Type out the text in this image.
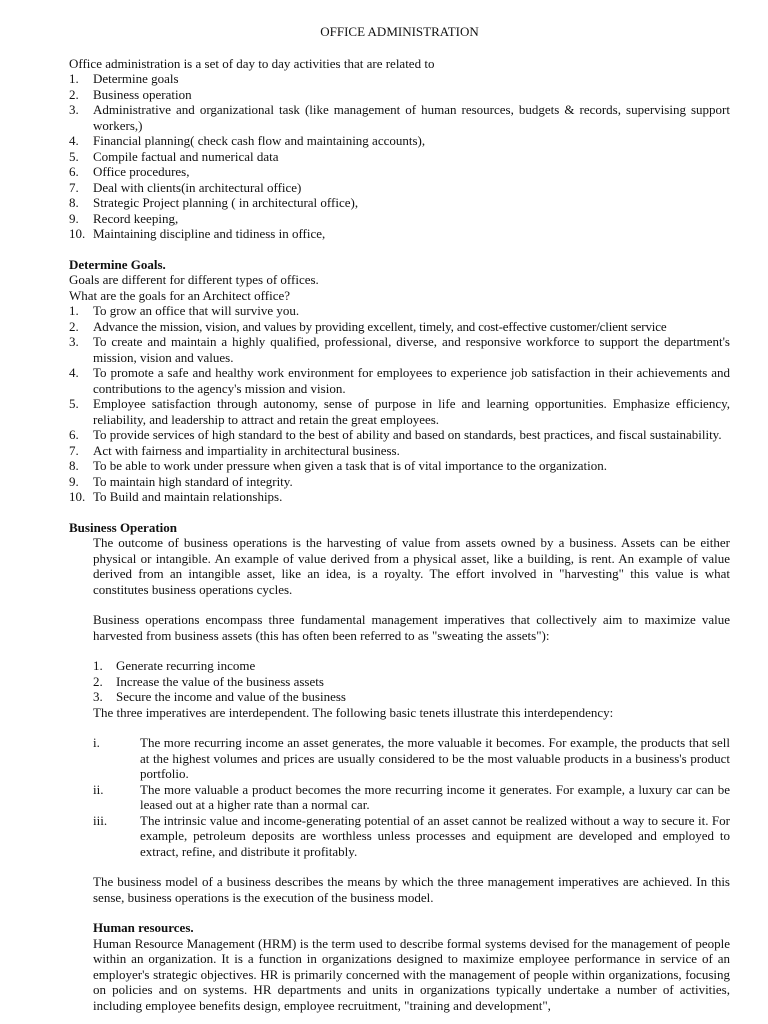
OFFICE ADMINISTRATION

Office administration is a set of day to day activities that are related to

1.	Determine goals
2.	Business operation
3.	Administrative and organizational task (like management of human resources, budgets & records, supervising support workers,)
4.	Financial planning( check cash flow and maintaining accounts),
5.	Compile factual and numerical data
6.	Office procedures,
7.	Deal with clients(in architectural office)
8.	Strategic Project planning ( in architectural office),
9.	Record keeping,
10. Maintaining discipline and tidiness in office,
Determine Goals.

Goals are different for different types of offices.

What are the goals for an Architect office?

1.	To grow an office that will survive you.
2.	Advance the mission, vision, and values by providing excellent, timely, and cost-effective customer/client service
3.	To create and maintain a highly qualified, professional, diverse, and responsive workforce to support the department's mission, vision and values.
4.	To promote a safe and healthy work environment for employees to experience job satisfaction in their achievements and contributions to the agency's mission and vision.
5.	Employee satisfaction through autonomy, sense of purpose in life and learning opportunities. Emphasize efficiency, reliability, and leadership to attract and retain the great employees.
6.	To provide services of high standard to the best of ability and based on standards, best practices, and fiscal sustainability.
7.	Act with fairness and impartiality in architectural business.
8.	To be able to work under pressure when given a task that is of vital importance to the organization.
9.	To maintain high standard of integrity.
10. To Build and maintain relationships.
Business Operation

The outcome of business operations is the harvesting of value from assets owned by a business. Assets can be either physical or intangible. An example of value derived from a physical asset, like a building, is rent. An example of value derived from an intangible asset, like an idea, is a royalty. The effort involved in "harvesting" this value is what constitutes business operations cycles.

Business operations encompass three fundamental management imperatives that collectively aim to maximize value harvested from business assets (this has often been referred to as "sweating the assets"):

1.	Generate recurring income
2.	Increase the value of the business assets
3.	Secure the income and value of the business

The three imperatives are interdependent. The following basic tenets illustrate this interdependency:

i.	The more recurring income an asset generates, the more valuable it becomes. For example, the products that sell at the highest volumes and prices are usually considered to be the most valuable products in a business's product portfolio.
ii.	The more valuable a product becomes the more recurring income it generates. For example, a luxury car can be leased out at a higher rate than a normal car.
iii.	The intrinsic value and income-generating potential of an asset cannot be realized without a way to secure it. For example, petroleum deposits are worthless unless processes and equipment are developed and employed to extract, refine, and distribute it profitably.

The business model of a business describes the means by which the three management imperatives are achieved. In this sense, business operations is the execution of the business model.

Human resources.

Human Resource Management (HRM) is the term used to describe formal systems devised for the management of people within an organization. It is a function in organizations designed to maximize employee performance in service of an employer's strategic objectives. HR is primarily concerned with the management of people within organizations, focusing on policies and on systems. HR departments and units in organizations typically undertake a number of activities, including employee benefits design, employee recruitment, "training and development",
